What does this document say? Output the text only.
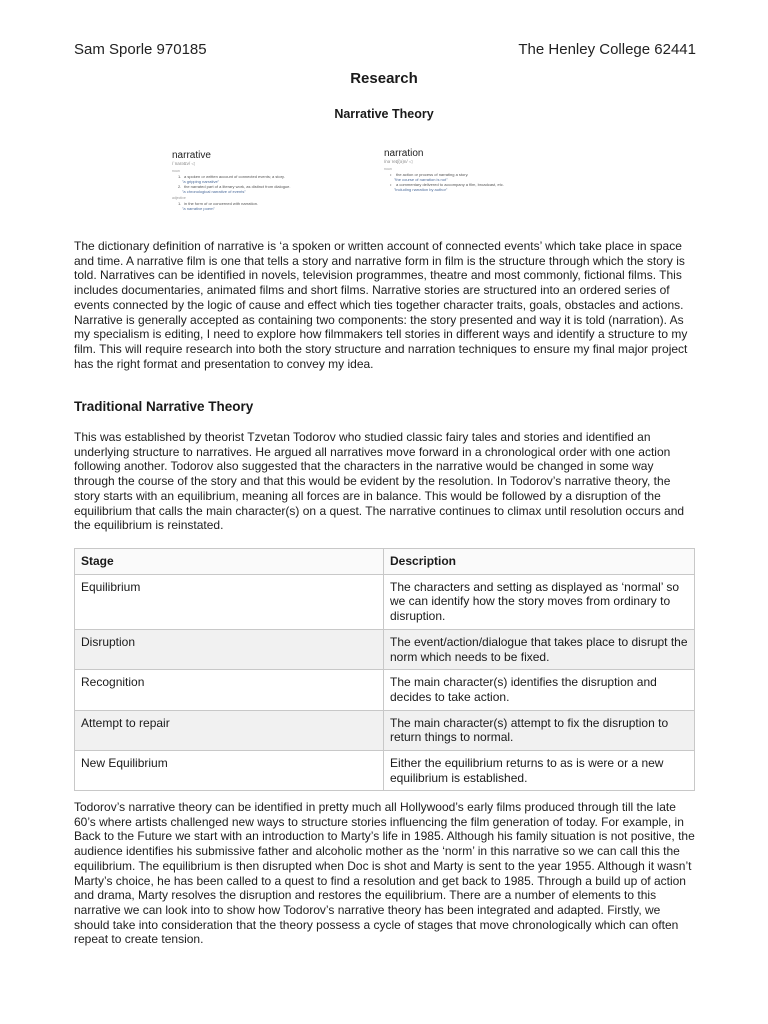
Sam Sporle 970185	The Henley College 62441
Research
Narrative Theory
narrative
/ˈnarətɪv/ ◁
noun
1. a spoken or written account of connected events; a story.
"a gripping narrative"
2. the narrated part of a literary work, as distinct from dialogue.
"a chronological narrative of events"
adjective
1. in the form of or concerned with narration.
"a narrative poem"
narration
/nəˈreɪʃ(ə)n/ ◁
noun
• the action or process of narrating a story.
"the course of narration is not"
• a commentary delivered to accompany a film, broadcast, etc.
"including narration by author"

The dictionary definition of narrative is ‘a spoken or written account of connected events’ which take place in space and time. A narrative film is one that tells a story and narrative form in film is the structure through which the story is told. Narratives can be identified in novels, television programmes, theatre and most commonly, fictional films. This includes documentaries, animated films and short films. Narrative stories are structured into an ordered series of events connected by the logic of cause and effect which ties together character traits, goals, obstacles and actions. Narrative is generally accepted as containing two components: the story presented and way it is told (narration). As my specialism is editing, I need to explore how filmmakers tell stories in different ways and identify a structure to my film. This will require research into both the story structure and narration techniques to ensure my final major project has the right format and presentation to convey my idea.

Traditional Narrative Theory

This was established by theorist Tzvetan Todorov who studied classic fairy tales and stories and identified an underlying structure to narratives. He argued all narratives move forward in a chronological order with one action following another. Todorov also suggested that the characters in the narrative would be changed in some way through the course of the story and that this would be evident by the resolution. In Todorov’s narrative theory, the story starts with an equilibrium, meaning all forces are in balance. This would be followed by a disruption of the equilibrium that calls the main character(s) on a quest. The narrative continues to climax until resolution occurs and the equilibrium is reinstated.

Stage	Description
Equilibrium	The characters and setting as displayed as ‘normal’ so we can identify how the story moves from ordinary to disruption.
Disruption	The event/action/dialogue that takes place to disrupt the norm which needs to be fixed.
Recognition	The main character(s) identifies the disruption and decides to take action.
Attempt to repair	The main character(s) attempt to fix the disruption to return things to normal.
New Equilibrium	Either the equilibrium returns to as is were or a new equilibrium is established.

Todorov’s narrative theory can be identified in pretty much all Hollywood’s early films produced through till the late 60’s where artists challenged new ways to structure stories influencing the film generation of today. For example, in Back to the Future we start with an introduction to Marty’s life in 1985. Although his family situation is not positive, the audience identifies his submissive father and alcoholic mother as the ‘norm’ in this narrative so we can call this the equilibrium. The equilibrium is then disrupted when Doc is shot and Marty is sent to the year 1955. Although it wasn’t Marty’s choice, he has been called to a quest to find a resolution and get back to 1985. Through a build up of action and drama, Marty resolves the disruption and restores the equilibrium. There are a number of elements to this narrative we can look into to show how Todorov’s narrative theory has been integrated and adapted. Firstly, we should take into consideration that the theory possess a cycle of stages that move chronologically which can often repeat to create tension.
